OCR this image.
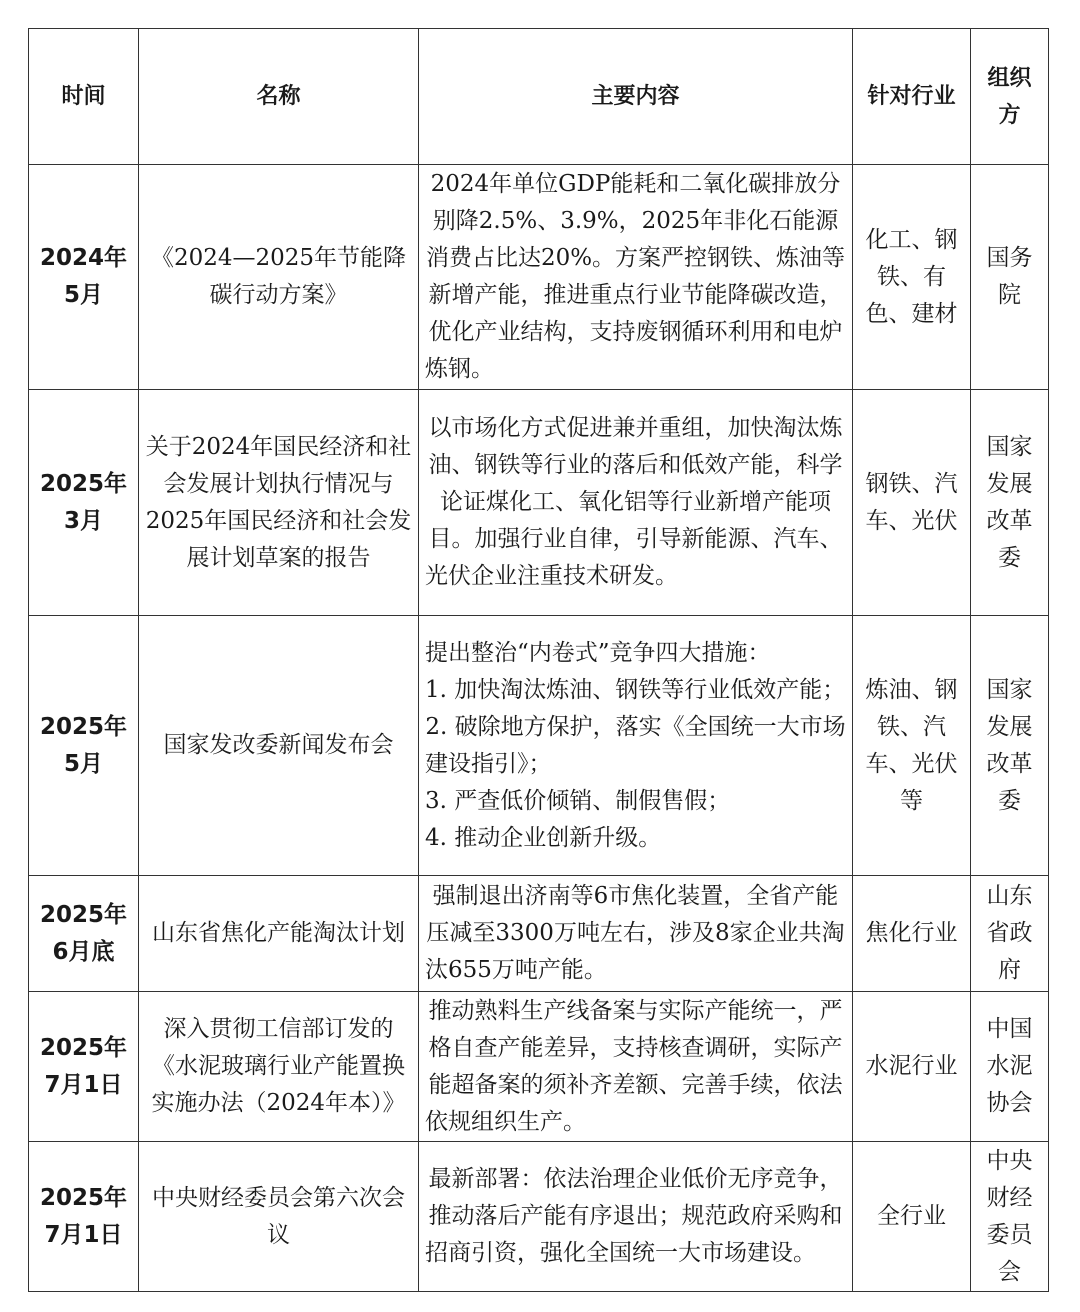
时间	名称	主要内容	针对行业	组织方
2024年5月	《2024—2025年节能降碳行动方案》	2024年单位GDP能耗和二氧化碳排放分别降2.5%、3.9%，2025年非化石能源消费占比达20%。方案严控钢铁、炼油等新增产能，推进重点行业节能降碳改造，优化产业结构，支持废钢循环利用和电炉炼钢。	化工、钢铁、有色、建材	国务院
2025年3月	关于2024年国民经济和社会发展计划执行情况与2025年国民经济和社会发展计划草案的报告	以市场化方式促进兼并重组，加快淘汰炼油、钢铁等行业的落后和低效产能，科学论证煤化工、氧化铝等行业新增产能项目。加强行业自律，引导新能源、汽车、光伏企业注重技术研发。	钢铁、汽车、光伏	国家发展改革委
2025年5月	国家发改委新闻发布会	提出整治“内卷式”竞争四大措施：
1. 加快淘汰炼油、钢铁等行业低效产能；
2. 破除地方保护，落实《全国统一大市场建设指引》；
3. 严查低价倾销、制假售假；
4. 推动企业创新升级。	炼油、钢铁、汽车、光伏等	国家发展改革委
2025年6月底	山东省焦化产能淘汰计划	强制退出济南等6市焦化装置，全省产能压减至3300万吨左右，涉及8家企业共淘汰655万吨产能。	焦化行业	山东省政府
2025年7月1日	深入贯彻工信部订发的《水泥玻璃行业产能置换实施办法（2024年本）》	推动熟料生产线备案与实际产能统一，严格自查产能差异，支持核查调研，实际产能超备案的须补齐差额、完善手续，依法依规组织生产。	水泥行业	中国水泥协会
2025年7月1日	中央财经委员会第六次会议	最新部署：依法治理企业低价无序竞争，推动落后产能有序退出；规范政府采购和招商引资，强化全国统一大市场建设。	全行业	中央财经委员会
